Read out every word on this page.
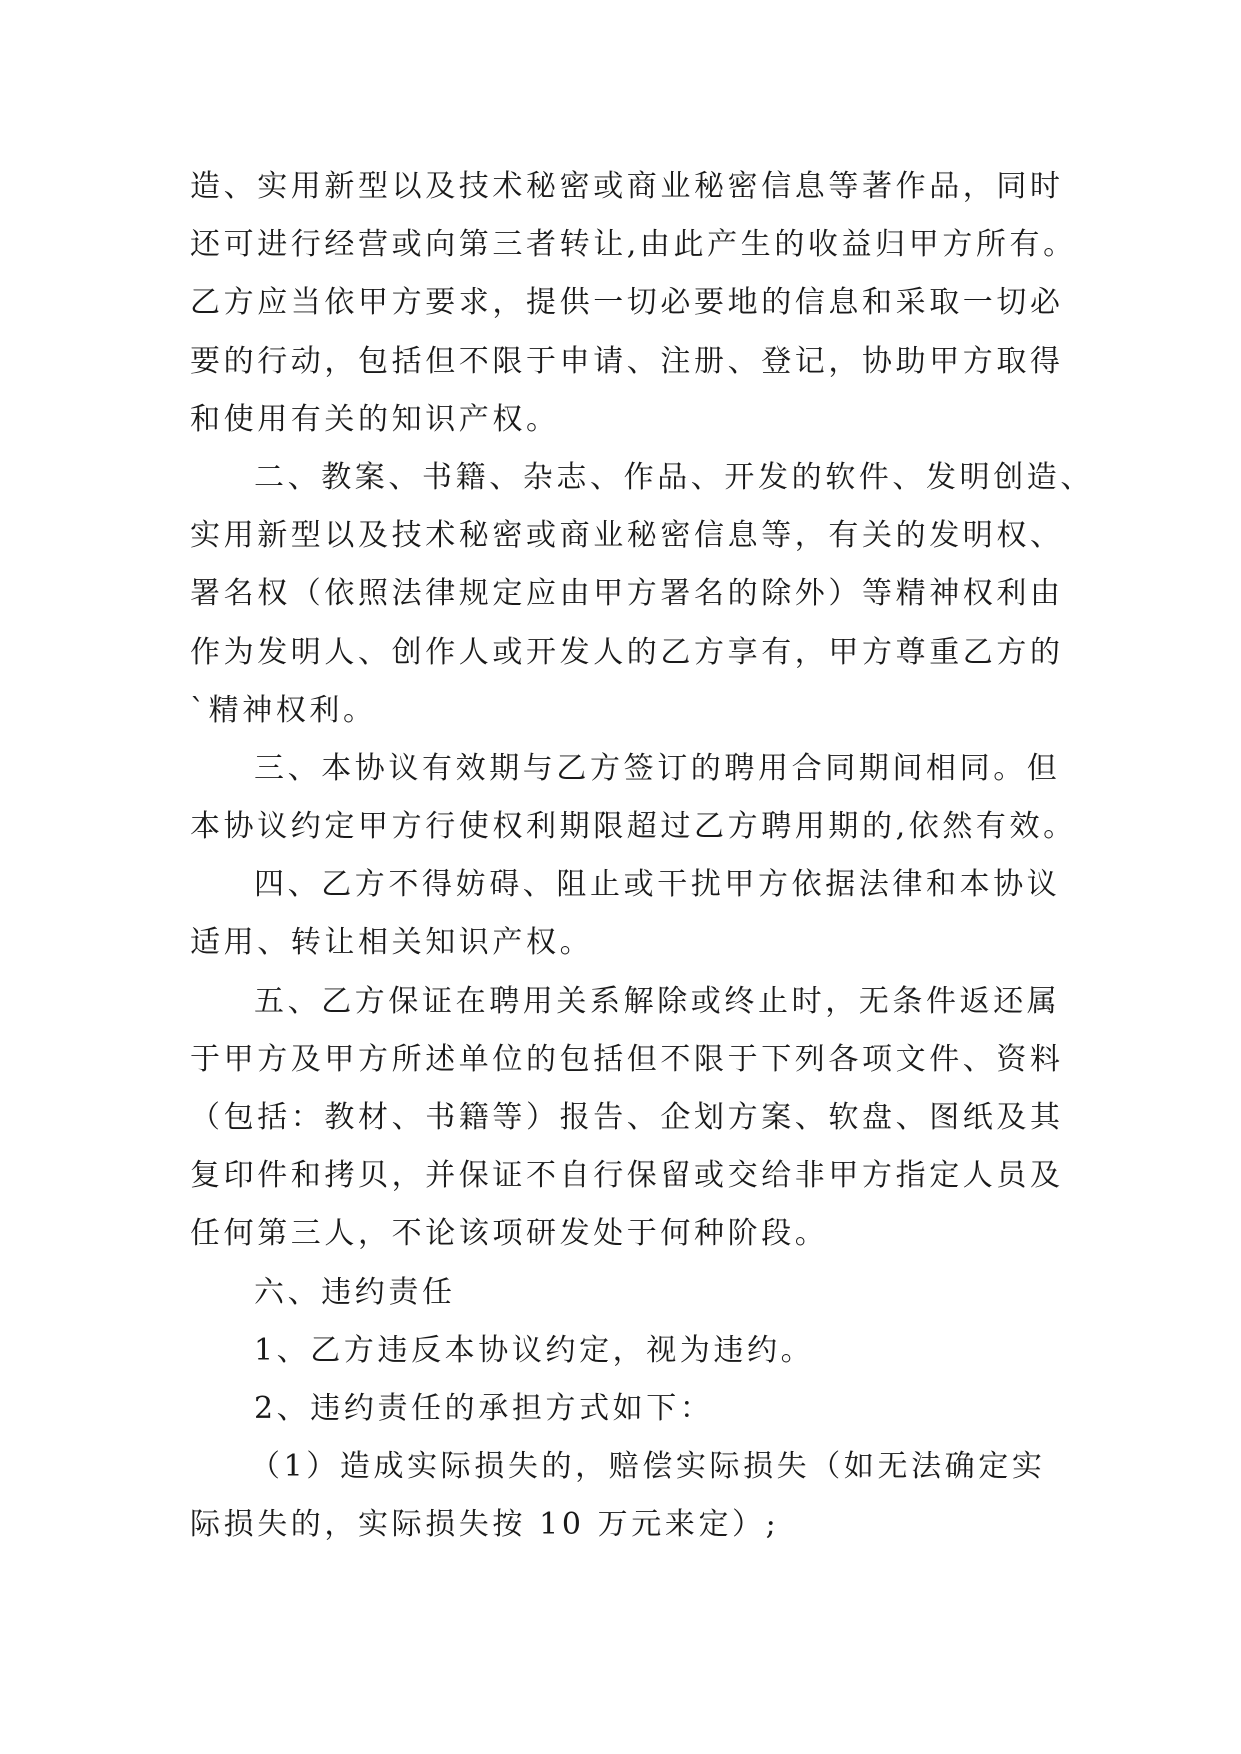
造、实用新型以及技术秘密或商业秘密信息等著作品，同时
还可进行经营或向第三者转让,由此产生的收益归甲方所有。
乙方应当依甲方要求，提供一切必要地的信息和采取一切必
要的行动，包括但不限于申请、注册、登记，协助甲方取得
和使用有关的知识产权。
二、教案、书籍、杂志、作品、开发的软件、发明创造、
实用新型以及技术秘密或商业秘密信息等，有关的发明权、
署名权（依照法律规定应由甲方署名的除外）等精神权利由
作为发明人、创作人或开发人的乙方享有，甲方尊重乙方的
`精神权利。
三、本协议有效期与乙方签订的聘用合同期间相同。但
本协议约定甲方行使权利期限超过乙方聘用期的,依然有效。
四、乙方不得妨碍、阻止或干扰甲方依据法律和本协议
适用、转让相关知识产权。
五、乙方保证在聘用关系解除或终止时，无条件返还属
于甲方及甲方所述单位的包括但不限于下列各项文件、资料
（包括：教材、书籍等）报告、企划方案、软盘、图纸及其
复印件和拷贝，并保证不自行保留或交给非甲方指定人员及
任何第三人，不论该项研发处于何种阶段。
六、违约责任
1、乙方违反本协议约定，视为违约。
2、违约责任的承担方式如下：
（1）造成实际损失的，赔偿实际损失（如无法确定实
际损失的，实际损失按 10 万元来定）;
